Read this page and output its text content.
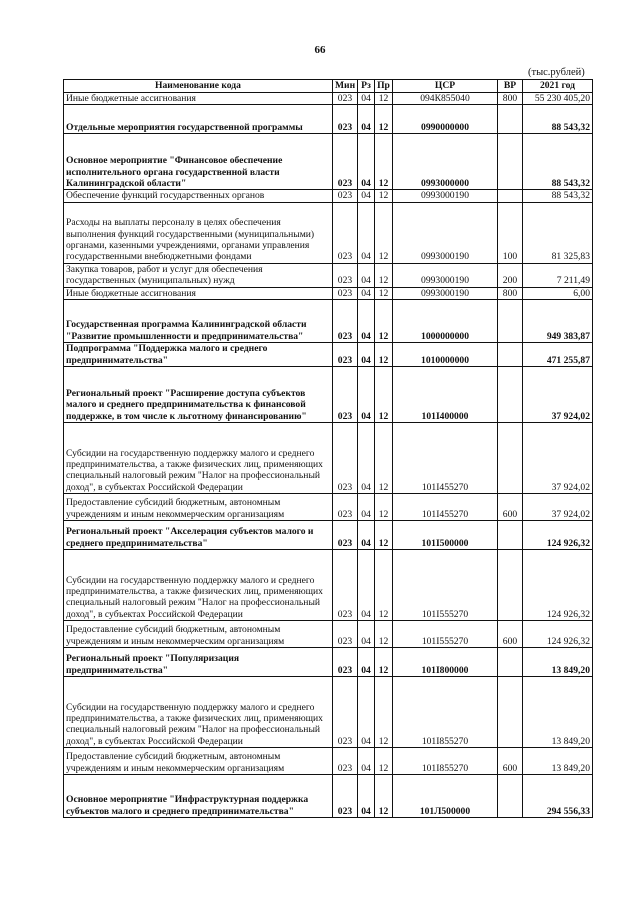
66
(тыс.рублей)
Наименование кода	Мин	Рз	Пр	ЦСР	ВР	2021 год
Иные бюджетные ассигнования	023	04	12	094К855040	800	55 230 405,20
Отдельные мероприятия государственной программы	023	04	12	0990000000		88 543,32
Основное мероприятие "Финансовое обеспечение исполнительного органа государственной власти Калининградской области"	023	04	12	0993000000		88 543,32
Обеспечение функций государственных органов	023	04	12	0993000190		88 543,32
Расходы на выплаты персоналу в целях обеспечения выполнения функций государственными (муниципальными) органами, казенными учреждениями, органами управления государственными внебюджетными фондами	023	04	12	0993000190	100	81 325,83
Закупка товаров, работ и услуг для обеспечения государственных (муниципальных) нужд	023	04	12	0993000190	200	7 211,49
Иные бюджетные ассигнования	023	04	12	0993000190	800	6,00
Государственная программа Калининградской области "Развитие промышленности и предпринимательства"	023	04	12	1000000000		949 383,87
Подпрограмма "Поддержка малого и среднего предпринимательства"	023	04	12	1010000000		471 255,87
Региональный проект "Расширение доступа субъектов малого и среднего предпринимательства к финансовой поддержке, в том числе к льготному финансированию"	023	04	12	101I400000		37 924,02
Субсидии на государственную поддержку малого и среднего предпринимательства, а также физических лиц, применяющих специальный налоговый режим "Налог на профессиональный доход", в субъектах Российской Федерации	023	04	12	101I455270		37 924,02
Предоставление субсидий бюджетным, автономным учреждениям и иным некоммерческим организациям	023	04	12	101I455270	600	37 924,02
Региональный проект "Акселерация субъектов малого и среднего предпринимательства"	023	04	12	101I500000		124 926,32
Субсидии на государственную поддержку малого и среднего предпринимательства, а также физических лиц, применяющих специальный налоговый режим "Налог на профессиональный доход", в субъектах Российской Федерации	023	04	12	101I555270		124 926,32
Предоставление субсидий бюджетным, автономным учреждениям и иным некоммерческим организациям	023	04	12	101I555270	600	124 926,32
Региональный проект "Популяризация предпринимательства"	023	04	12	101I800000		13 849,20
Субсидии на государственную поддержку малого и среднего предпринимательства, а также физических лиц, применяющих специальный налоговый режим "Налог на профессиональный доход", в субъектах Российской Федерации	023	04	12	101I855270		13 849,20
Предоставление субсидий бюджетным, автономным учреждениям и иным некоммерческим организациям	023	04	12	101I855270	600	13 849,20
Основное мероприятие "Инфраструктурная поддержка субъектов малого и среднего предпринимательства"	023	04	12	101Л500000		294 556,33
